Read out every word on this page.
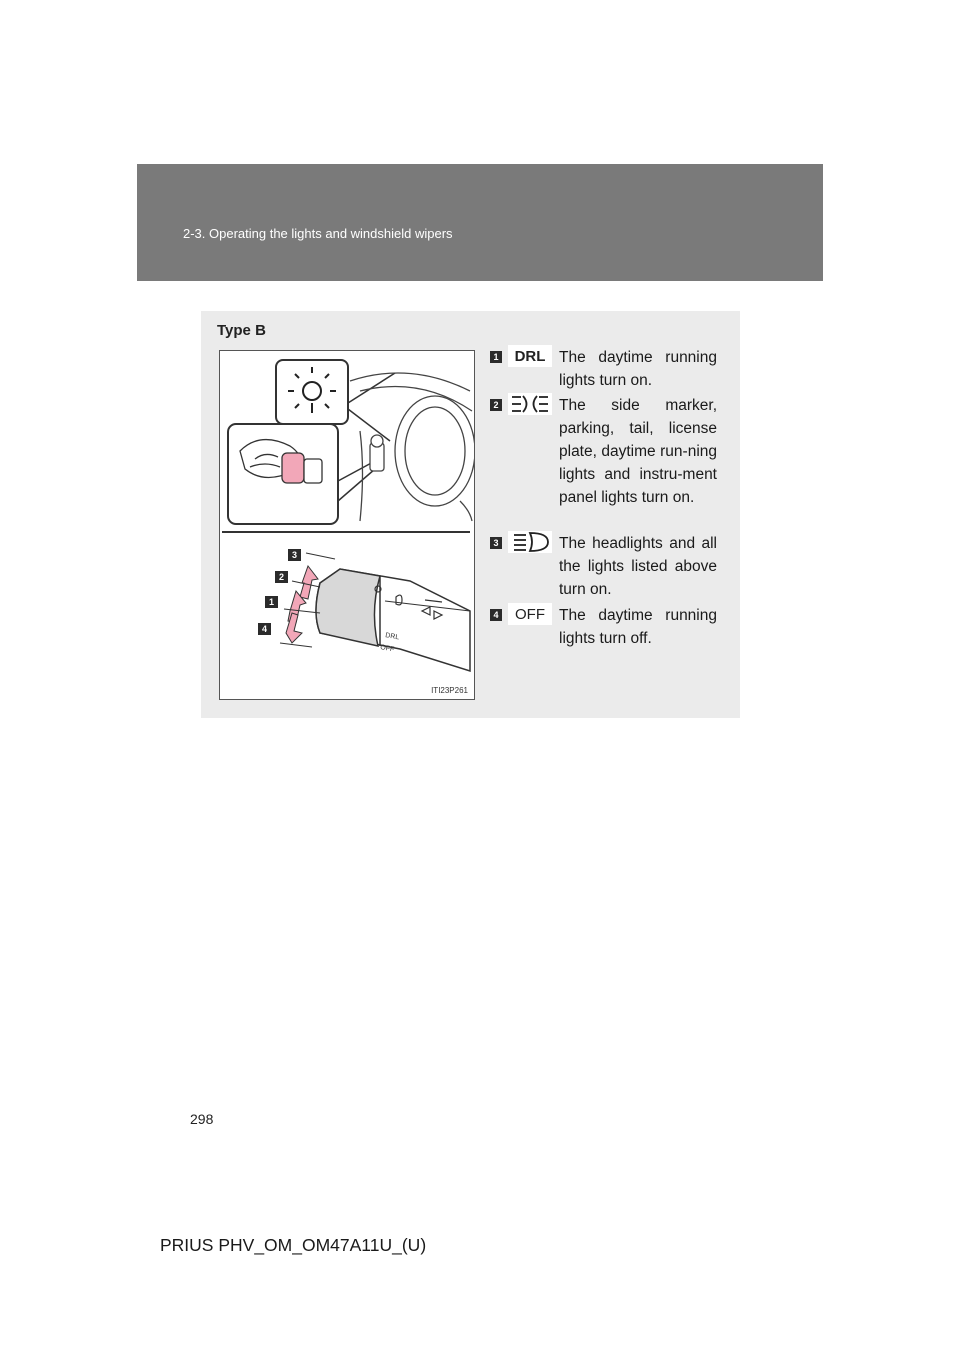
2-3. Operating the lights and windshield wipers
Type B
DRL
OFF
3
2
1
4
ITI23P261
1 DRL The daytime running lights turn on.
2	The side marker, parking, tail, license plate, daytime run-ning lights and instru-ment panel lights turn on.
3	The headlights and all the lights listed above turn on.
4 OFF The daytime running lights turn off.
298
PRIUS PHV_OM_OM47A11U_(U)
